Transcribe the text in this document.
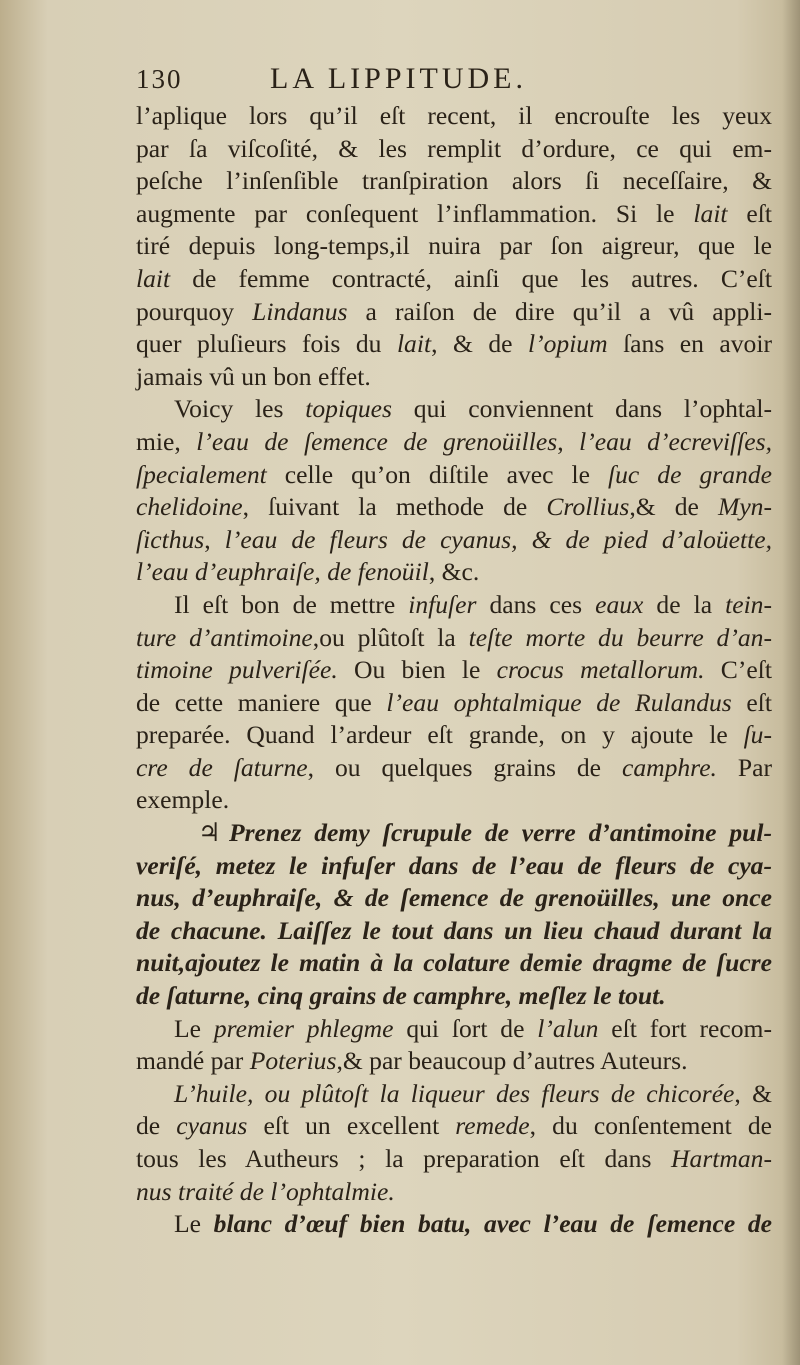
130	LA LIPPITUDE.
l’aplique lors qu’il eſt recent, il encrouſte les yeux
par ſa viſcoſité, & les remplit d’ordure, ce qui em-
peſche l’inſenſible tranſpiration alors ſi neceſſaire, &
augmente par conſequent l’inflammation. Si le lait eſt
tiré depuis long-temps,il nuira par ſon aigreur, que le
lait de femme contracté, ainſi que les autres. C’eſt
pourquoy Lindanus a raiſon de dire qu’il a vû appli-
quer pluſieurs fois du lait, & de l’opium ſans en avoir
jamais vû un bon effet.
Voicy les topiques qui conviennent dans l’ophtal-
mie, l’eau de ſemence de grenoüilles, l’eau d’ecreviſſes,
ſpecialement celle qu’on diſtile avec le ſuc de grande
chelidoine, ſuivant la methode de Crollius,& de Myn-
ſicthus, l’eau de fleurs de cyanus, & de pied d’aloüette,
l’eau d’euphraiſe, de fenoüil, &c.
Il eſt bon de mettre infuſer dans ces eaux de la tein-
ture d’antimoine,ou plûtoſt la teſte morte du beurre d’an-
timoine pulveriſée. Ou bien le crocus metallorum. C’eſt
de cette maniere que l’eau ophtalmique de Rulandus eſt
preparée. Quand l’ardeur eſt grande, on y ajoute le ſu-
cre de ſaturne, ou quelques grains de camphre. Par
exemple.
♃ Prenez demy ſcrupule de verre d’antimoine pul-
veriſé, metez le infuſer dans de l’eau de fleurs de cya-
nus, d’euphraiſe, & de ſemence de grenoüilles, une once
de chacune. Laiſſez le tout dans un lieu chaud durant la
nuit,ajoutez le matin à la colature demie dragme de ſucre
de ſaturne, cinq grains de camphre, meſlez le tout.
Le premier phlegme qui ſort de l’alun eſt fort recom-
mandé par Poterius,& par beaucoup d’autres Auteurs.
L’huile, ou plûtoſt la liqueur des fleurs de chicorée, &
de cyanus eſt un excellent remede, du conſentement de
tous les Autheurs ; la preparation eſt dans Hartman-
nus traité de l’ophtalmie.
Le blanc d’œuf bien batu, avec l’eau de ſemence de
